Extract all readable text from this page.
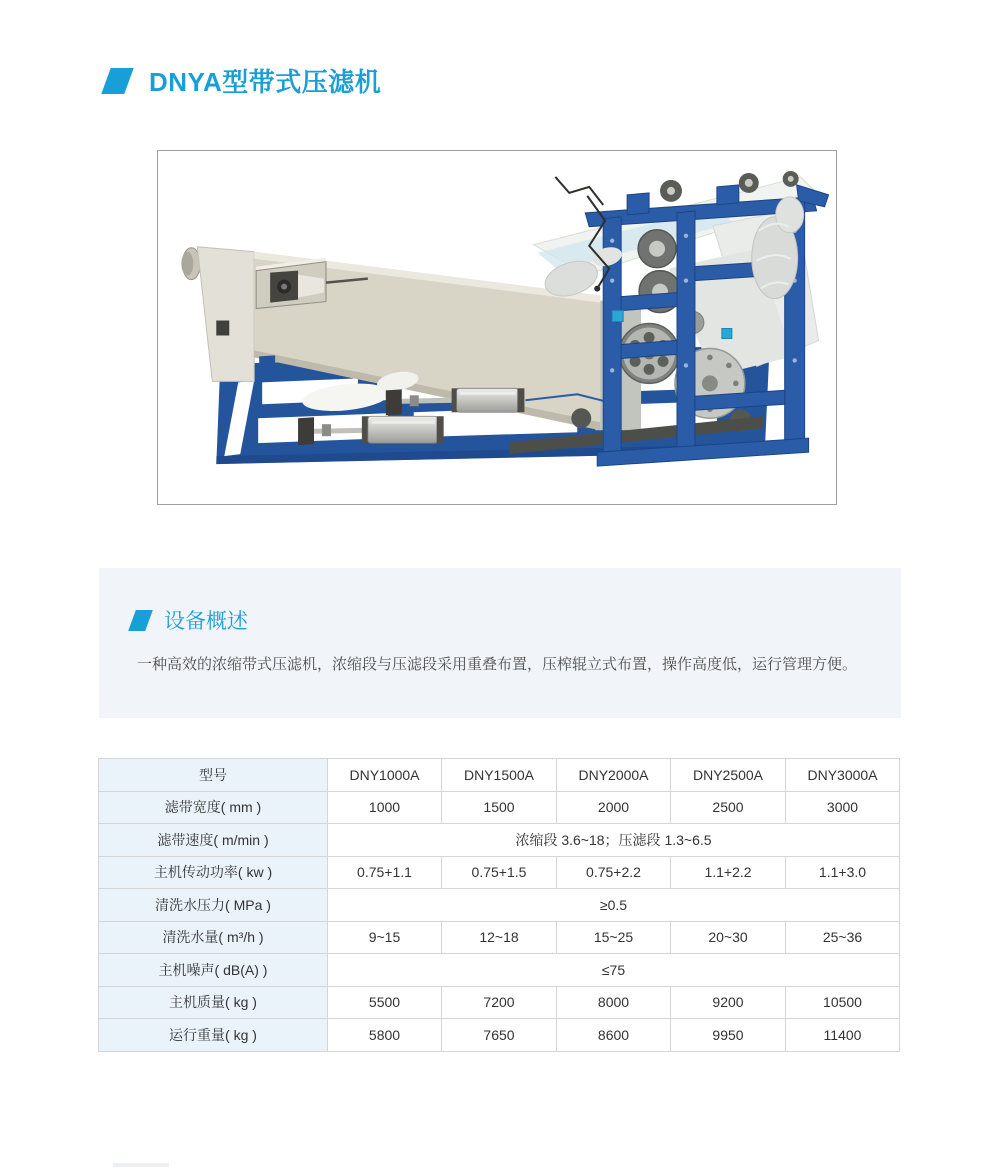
DNYA型带式压滤机
设备概述

一种高效的浓缩带式压滤机，浓缩段与压滤段采用重叠布置，压榨辊立式布置，操作高度低，运行管理方便。

型号	DNY1000A	DNY1500A	DNY2000A	DNY2500A	DNY3000A
滤带宽度( mm )	1000	1500	2000	2500	3000
滤带速度( m/min )	浓缩段 3.6~18；压滤段 1.3~6.5				
主机传动功率( kw )	0.75+1.1	0.75+1.5	0.75+2.2	1.1+2.2	1.1+3.0
清洗水压力( MPa )	≥0.5				
清洗水量( m³/h )	9~15	12~18	15~25	20~30	25~36
主机噪声( dB(A) )	≤75				
主机质量( kg )	5500	7200	8000	9200	10500
运行重量( kg )	5800	7650	8600	9950	11400
